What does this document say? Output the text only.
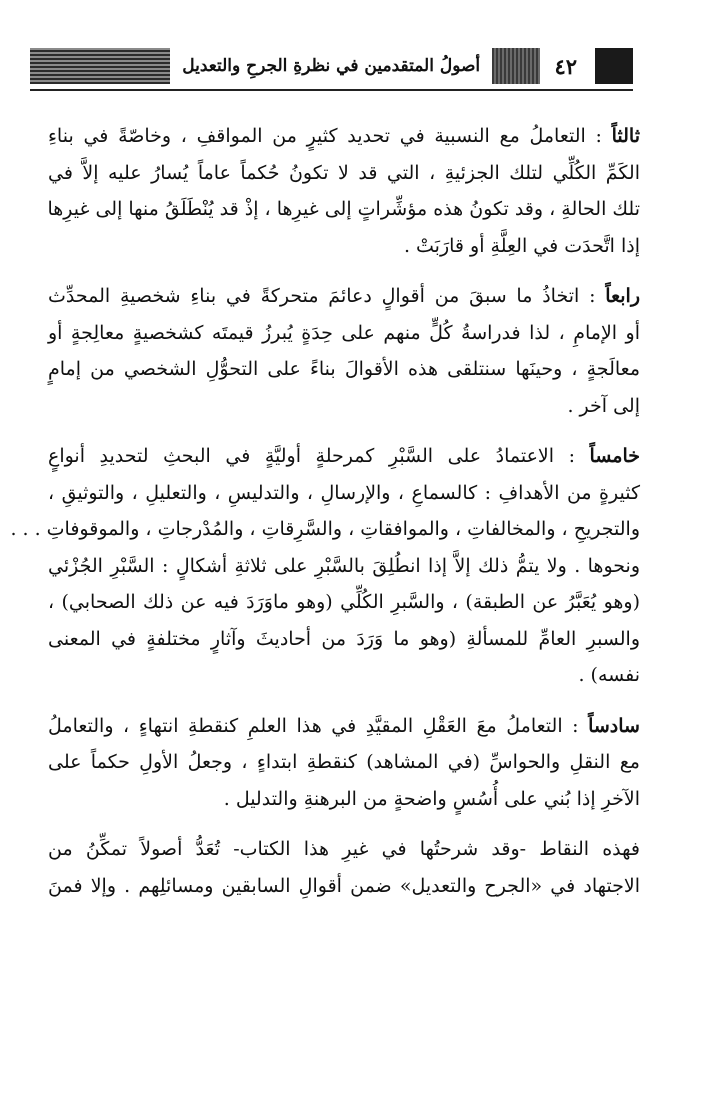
٤٢
أصولُ المتقدمين في نظرةِ الجرحِ والتعديل

ثالثاً : التعاملُ مع النسبية في تحديد كثيرٍ من المواقفِ ، وخاصّةً في بناءِ
الكَمِّ الكُلِّي لتلك الجزئيةِ ، التي قد لا تكونُ حُكماً عاماً يُسارُ عليه إلاَّ في
تلك الحالةِ ، وقد تكونُ هذه مؤشِّراتٍ إلى غيرِها ، إذْ قد يُنْطَلَقُ منها إلى غيرِها
إذا اتَّحدَت في العِلَّةِ أو قارَبَتْ .

رابعاً : اتخاذُ ما سبقَ من أقوالٍ دعائمَ متحركةً في بناءِ شخصيةِ المحدِّث
أو الإمامِ ، لذا فدراسةُ كُلٍّ منهم على حِدَةٍ يُبرزُ قيمتَه كشخصيةٍ معالِجةٍ أو
معالَجةٍ ، وحينَها سنتلقى هذه الأقوالَ بناءً على التحوُّلِ الشخصي من إمامٍ
إلى آخر .

خامساً : الاعتمادُ على السَّبْرِ كمرحلةٍ أوليَّةٍ في البحثِ لتحديدِ أنواعٍ
كثيرةٍ من الأهدافِ : كالسماعِ ، والإرسالِ ، والتدليسِ ، والتعليلِ ، والتوثيقِ ،
والتجريحِ ، والمخالفاتِ ، والموافقاتِ ، والسَّرِقاتِ ، والمُدْرجاتِ ، والموقوفاتِ . . .
ونحوها . ولا يتمُّ ذلك إلاَّ إذا انطُلِقَ بالسَّبْرِ على ثلاثةِ أشكالٍ : السَّبْرِ الجُزْئي
(وهو يُعَبَّرُ عن الطبقة) ، والسَّبرِ الكُلِّي (وهو ماوَرَدَ فيه عن ذلك الصحابي) ،
والسبرِ العامِّ للمسألةِ (وهو ما وَرَدَ من أحاديثَ وآثارٍ مختلفةٍ في المعنى
نفسه) .

سادساً : التعاملُ معَ العَقْلِ المقيَّدِ في هذا العلمِ كنقطةِ انتهاءٍ ، والتعاملُ
مع النقلِ والحواسِّ (في المشاهد) كنقطةِ ابتداءٍ ، وجعلُ الأولِ حكماً على
الآخرِ إذا بُني على أُسُسٍ واضحةٍ من البرهنةِ والتدليل .

فهذه النقاط -وقد شرحتُها في غيرِ هذا الكتاب- تُعَدُّ أصولاً تمكِّنُ من
الاجتهاد في «الجرح والتعديل» ضمن أقوالِ السابقين ومسائلِهم . وإلا فمنَ
